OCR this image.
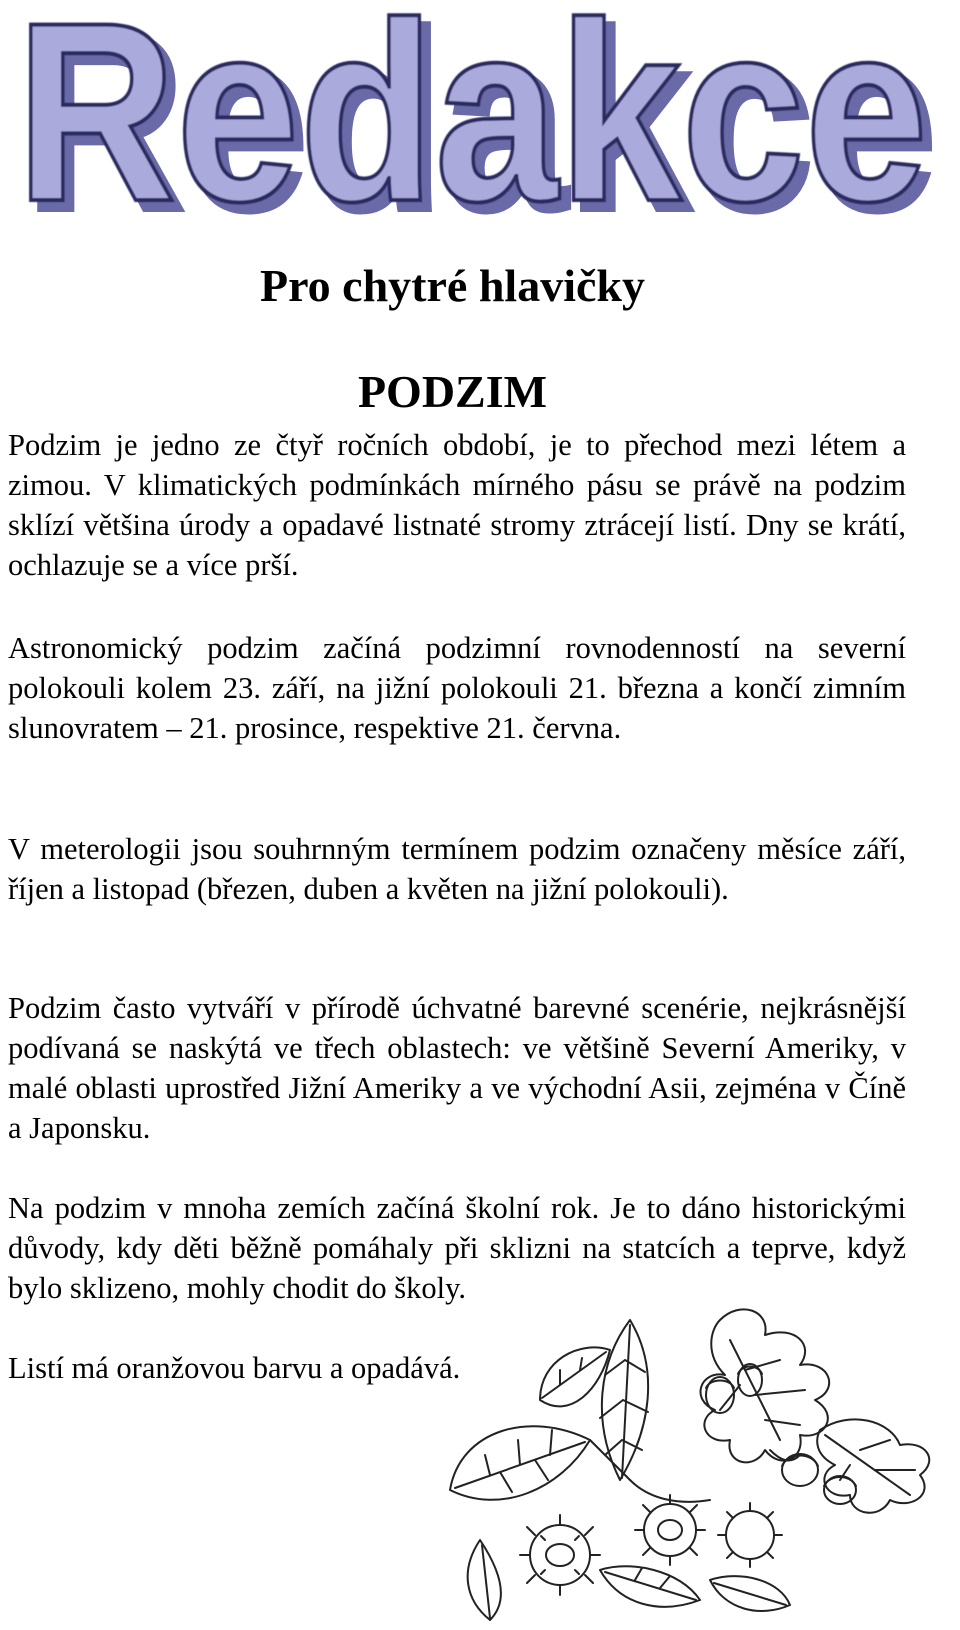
Redakce
Redakce
Pro chytré hlavičky
PODZIM

Podzim je jedno ze čtyř ročních období, je to přechod mezi létem a zimou. V klimatických podmínkách mírného pásu se právě na podzim sklízí většina úrody a opadavé listnaté stromy ztrácejí listí. Dny se krátí, ochlazuje se a více prší.

Astronomický podzim začíná podzimní rovnodenností na severní polokouli kolem 23. září, na jižní polokouli 21. března a končí zimním slunovratem – 21. prosince, respektive 21. června.

V meterologii jsou souhrnným termínem podzim označeny měsíce září, říjen a listopad (březen, duben a květen na jižní polokouli).

Podzim často vytváří v přírodě úchvatné barevné scenérie, nejkrásnější podívaná se naskýtá ve třech oblastech: ve většině Severní Ameriky, v malé oblasti uprostřed Jižní Ameriky a ve východní Asii, zejména v Číně a Japonsku.

Na podzim v mnoha zemích začíná školní rok. Je to dáno historickými důvody, kdy děti běžně pomáhaly při sklizni na statcích a teprve, když bylo sklizeno, mohly chodit do školy.

Listí má oranžovou barvu a opadává.
